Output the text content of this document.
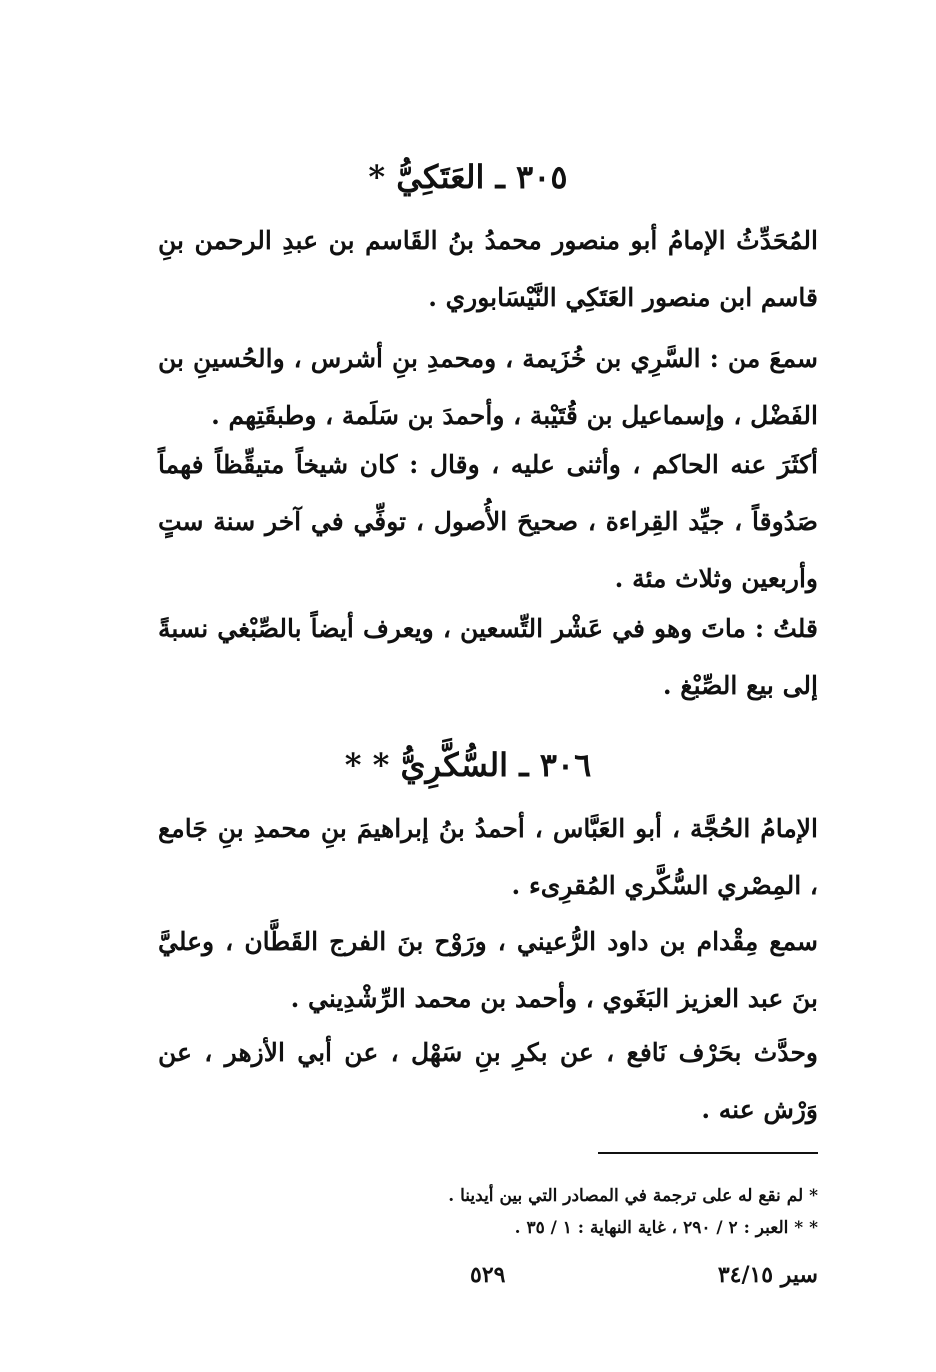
٣٠٥ ـ العَتَكِيُّ *
المُحَدِّثُ الإمامُ أبو منصور محمدُ بنُ القَاسم بن عبدِ الرحمن بنِ قاسم ابن منصور العَتَكِي النَّيْسَابوري .
سمعَ من : السَّرِي بن خُزَيمة ، ومحمدِ بنِ أشرس ، والحُسينِ بن الفَضْل ، وإسماعيل بن قُتَيْبة ، وأحمدَ بن سَلَمة ، وطبقَتِهم .
أكثَرَ عنه الحاكم ، وأثنى عليه ، وقال : كان شيخاً متيقِّظاً فهماً صَدُوقاً ، جيِّد القِراءة ، صحيحَ الأُصول ، توفِّي في آخر سنة ستٍ وأربعين وثلاث مئة .
قلتُ : ماتَ وهو في عَشْر التِّسعين ، ويعرف أيضاً بالصِّبْغي نسبةً إلى بيع الصِّبْغ .
٣٠٦ ـ السُّكَّرِيُّ * *
الإمامُ الحُجَّة ، أبو العَبَّاس ، أحمدُ بنُ إبراهيمَ بنِ محمدِ بنِ جَامع ، المِصْري السُّكَّري المُقرِىء .
سمع مِقْدام بن داود الرُّعيني ، ورَوْح بنَ الفرج القَطَّان ، وعليَّ بنَ عبد العزيز البَغَوي ، وأحمد بن محمد الرِّشْدِيني .
وحدَّث بحَرْف نَافع ، عن بكرِ بنِ سَهْل ، عن أبي الأزهر ، عن وَرْش عنه .
* لم نقع له على ترجمة في المصادر التي بين أيدينا .
* * العبر : ٢ / ٢٩٠ ، غاية النهاية : ١ / ٣٥ .
سير ٣٤/١٥
٥٢٩
